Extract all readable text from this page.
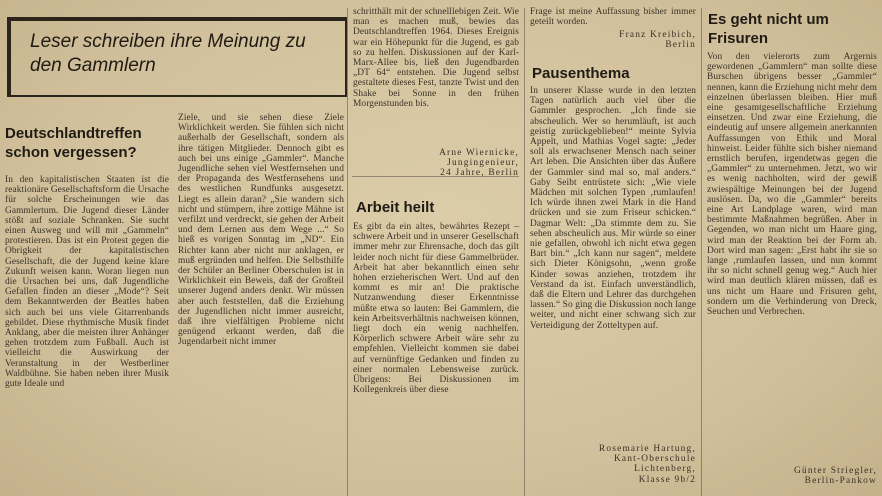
Leser schreiben ihre Meinung zu den Gammlern
Deutschlandtreffen schon vergessen?
In den kapitalistischen Staaten ist die reaktionäre Gesellschaftsform die Ursache für solche Erscheinungen wie das Gammlertum. Die Jugend dieser Länder stößt auf soziale Schranken. Sie sucht einen Ausweg und will mit „Gammeln“ protestieren. Das ist ein Protest gegen die Obrigkeit der kapitalistischen Gesellschaft, die der Jugend keine klare Zukunft weisen kann. Woran liegen nun die Ursachen bei uns, daß Jugendliche Gefallen finden an dieser „Mode“? Seit dem Bekanntwerden der Beatles haben sich auch bei uns viele Gitarrenbands gebildet. Diese rhythmische Musik findet Anklang, aber die meisten ihrer Anhänger gehen trotzdem zum Fußball. Auch ist vielleicht die Auswirkung der Veranstaltung in der Westberliner Waldbühne. Sie haben neben ihrer Musik gute Ideale und
Ziele, und sie sehen diese Ziele Wirklichkeit werden. Sie fühlen sich nicht außerhalb der Gesellschaft, sondern als ihre tätigen Mitglieder. Dennoch gibt es auch bei uns einige „Gammler“. Manche Jugendliche sehen viel Westfernsehen und der Propaganda des Westfernsehens und des westlichen Rundfunks ausgesetzt. Liegt es allein daran? „Sie wandern sich nicht und stümpern, ihre zottige Mähne ist verfilzt und verdreckt, sie gehen der Arbeit und dem Lernen aus dem Wege ...“ So hieß es vorigen Sonntag im „ND“. Ein Richter kann aber nicht nur anklagen, er muß ergründen und helfen. Die Selbsthilfe der Schüler an Berliner Oberschulen ist in Wirklichkeit ein Beweis, daß der Großteil unserer Jugend anders denkt. Wir müssen aber auch feststellen, daß die Erziehung der Jugendlichen nicht immer ausreicht, daß ihre vielfältigen Probleme nicht genügend erkannt werden, daß die Jugendarbeit nicht immer
schritthält mit der schnelllebigen Zeit. Wie man es machen muß, bewies das Deutschlandtreffen 1964. Dieses Ereignis war ein Höhepunkt für die Jugend, es gab so zu helfen. Diskussionen auf der Karl-Marx-Allee bis, ließ den Jugendbarden „DT 64“ entstehen. Die Jugend selbst gestaltete dieses Fest, tanzte Twist und den Shake bei Sonne in den frühen Morgenstunden bis.
Arne Wiernicke,
Jungingenieur,
24 Jahre, Berlin
Arbeit heilt
Es gibt da ein altes, bewährtes Rezept – schwere Arbeit und in unserer Gesellschaft immer mehr zur Ehrensache, doch das gilt leider noch nicht für diese Gammelbrüder. Arbeit hat aber bekanntlich einen sehr hohen erzieherischen Wert. Und auf den kommt es mir an! Die praktische Nutzanwendung dieser Erkenntnisse müßte etwa so lauten: Bei Gammlern, die kein Arbeitsverhältnis nachweisen können, liegt doch ein wenig nachhelfen. Körperlich schwere Arbeit wäre sehr zu empfehlen. Vielleicht kommen sie dabei auf vernünftige Gedanken und finden zu einer normalen Lebensweise zurück. Übrigens: Bei Diskussionen im Kollegenkreis über diese
Frage ist meine Auffassung bisher immer geteilt worden.
Franz Kreibich,
Berlin
Pausenthema
In unserer Klasse wurde in den letzten Tagen natürlich auch viel über die Gammler gesprochen. „Ich finde sie abscheulich. Wer so herumläuft, ist auch geistig zurückgeblieben!“ meinte Sylvia Appelt, und Mathias Vogel sagte: „Jeder soll als erwachsener Mensch nach seiner Art leben. Die Ansichten über das Äußere der Gammler sind mal so, mal anders.“ Gaby Seibt entrüstete sich: „Wie viele Mädchen mit solchen Typen ‚rumlaufen! Ich würde ihnen zwei Mark in die Hand drücken und sie zum Friseur schicken.“ Dagmar Welt: „Da stimmte dem zu. Sie sehen abscheulich aus. Mir würde so einer nie gefallen, obwohl ich nicht etwa gegen Bart bin.“ „Ich kann nur sagen“, meldete sich Dieter Königsohn, „wenn große Kinder sowas anziehen, trotzdem ihr Verstand da ist. Einfach unverständlich, daß die Eltern und Lehrer das durchgehen lassen.“ So ging die Diskussion noch lange weiter, und nicht einer schwang sich zur Verteidigung der Zotteltypen auf.
Rosemarie Hartung,
Kant-Oberschule
Lichtenberg,
Klasse 9b/2
Es geht nicht um Frisuren
Von den vielerorts zum Ärgernis gewordenen „Gammlern“ man sollte diese Burschen übrigens besser „Gammler“ nennen, kann die Erziehung nicht mehr dem einzelnen überlassen bleiben. Hier muß eine gesamtgesellschaftliche Erziehung einsetzen. Und zwar eine Erziehung, die eindeutig auf unsere allgemein anerkannten Auffassungen von Ethik und Moral hinweist. Leider fühlte sich bisher niemand ernstlich berufen, irgendetwas gegen die „Gammler“ zu unternehmen. Jetzt, wo wir es wenig nachholten, wird der gewiß zwiespältige Meinungen bei der Jugend auslösen. Da, wo die „Gammler“ bereits eine Art Landplage waren, wird man bestimmte Maßnahmen begrüßen. Aber in Gegenden, wo man nicht um Haare ging, wird man der Reaktion bei der Form ab. Dort wird man sagen: „Erst habt ihr sie so lange ‚rumlaufen lassen, und nun kommt ihr so nicht schnell genug weg.“ Auch hier wird man deutlich klären müssen, daß es uns nicht um Haare und Frisuren geht, sondern um die Verhinderung von Dreck, Seuchen und Verbrechen.
Günter Striegler,
Berlin-Pankow
